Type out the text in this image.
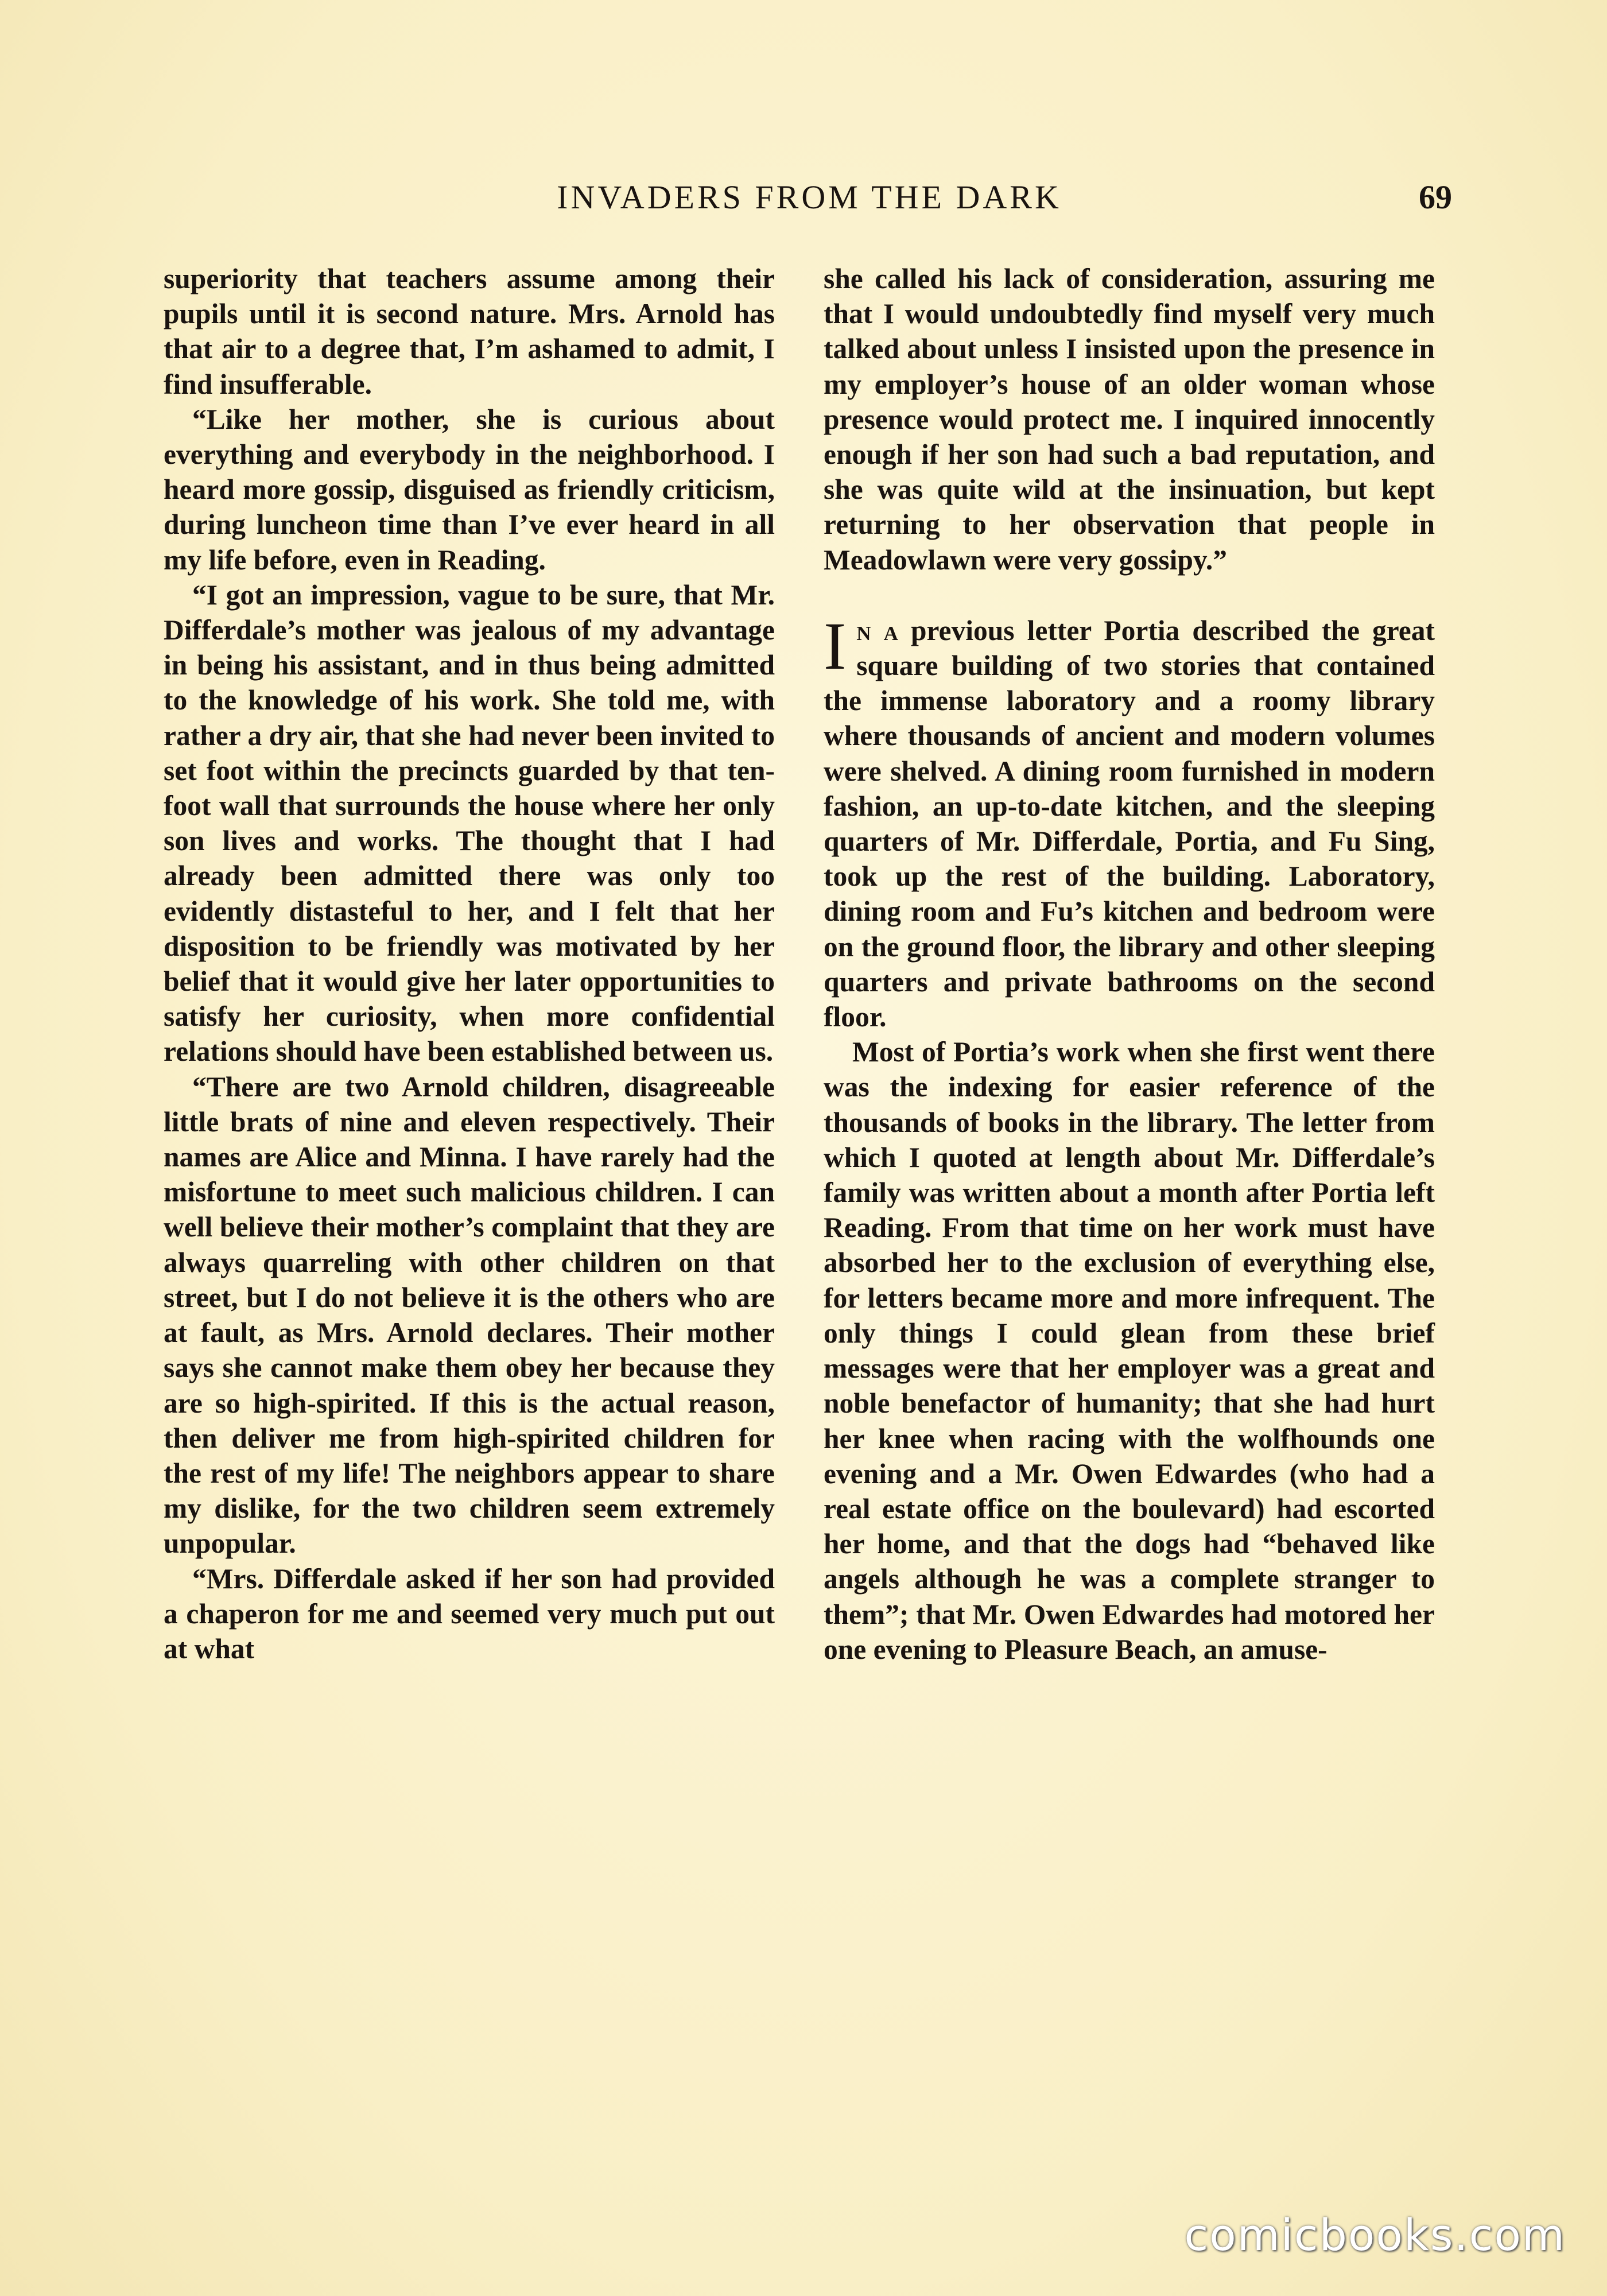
INVADERS FROM THE DARK	69

superiority that teachers assume among their pupils until it is second nature. Mrs. Arnold has that air to a degree that, I’m ashamed to admit, I find insufferable.

“Like her mother, she is curious about everything and everybody in the neighborhood. I heard more gossip, disguised as friendly criticism, during luncheon time than I’ve ever heard in all my life before, even in Reading.

“I got an impression, vague to be sure, that Mr. Differdale’s mother was jealous of my advantage in being his assistant, and in thus being admitted to the knowledge of his work. She told me, with rather a dry air, that she had never been invited to set foot within the precincts guarded by that ten-foot wall that surrounds the house where her only son lives and works. The thought that I had already been admitted there was only too evidently distasteful to her, and I felt that her disposition to be friendly was motivated by her belief that it would give her later opportunities to satisfy her curiosity, when more confidential relations should have been established between us.

“There are two Arnold children, disagreeable little brats of nine and eleven respectively. Their names are Alice and Minna. I have rarely had the misfortune to meet such malicious children. I can well believe their mother’s complaint that they are always quarreling with other children on that street, but I do not believe it is the others who are at fault, as Mrs. Arnold declares. Their mother says she cannot make them obey her because they are so high-spirited. If this is the actual reason, then deliver me from high-spirited children for the rest of my life! The neighbors appear to share my dislike, for the two children seem extremely unpopular.

“Mrs. Differdale asked if her son had provided a chaperon for me and seemed very much put out at what

she called his lack of consideration, assuring me that I would undoubtedly find myself very much talked about unless I insisted upon the presence in my employer’s house of an older woman whose presence would protect me. I inquired innocently enough if her son had such a bad reputation, and she was quite wild at the insinuation, but kept returning to her observation that people in Meadowlawn were very gossipy.”

In a previous letter Portia described the great square building of two stories that contained the immense laboratory and a roomy library where thousands of ancient and modern volumes were shelved. A dining room furnished in modern fashion, an up-to-date kitchen, and the sleeping quarters of Mr. Differdale, Portia, and Fu Sing, took up the rest of the building. Laboratory, dining room and Fu’s kitchen and bedroom were on the ground floor, the library and other sleeping quarters and private bathrooms on the second floor.

Most of Portia’s work when she first went there was the indexing for easier reference of the thousands of books in the library. The letter from which I quoted at length about Mr. Differdale’s family was written about a month after Portia left Reading. From that time on her work must have absorbed her to the exclusion of everything else, for letters became more and more infrequent. The only things I could glean from these brief messages were that her employer was a great and noble benefactor of humanity; that she had hurt her knee when racing with the wolfhounds one evening and a Mr. Owen Edwardes (who had a real estate office on the boulevard) had escorted her home, and that the dogs had “behaved like angels although he was a complete stranger to them”; that Mr. Owen Edwardes had motored her one evening to Pleasure Beach, an amuse-

comicbooks.com
